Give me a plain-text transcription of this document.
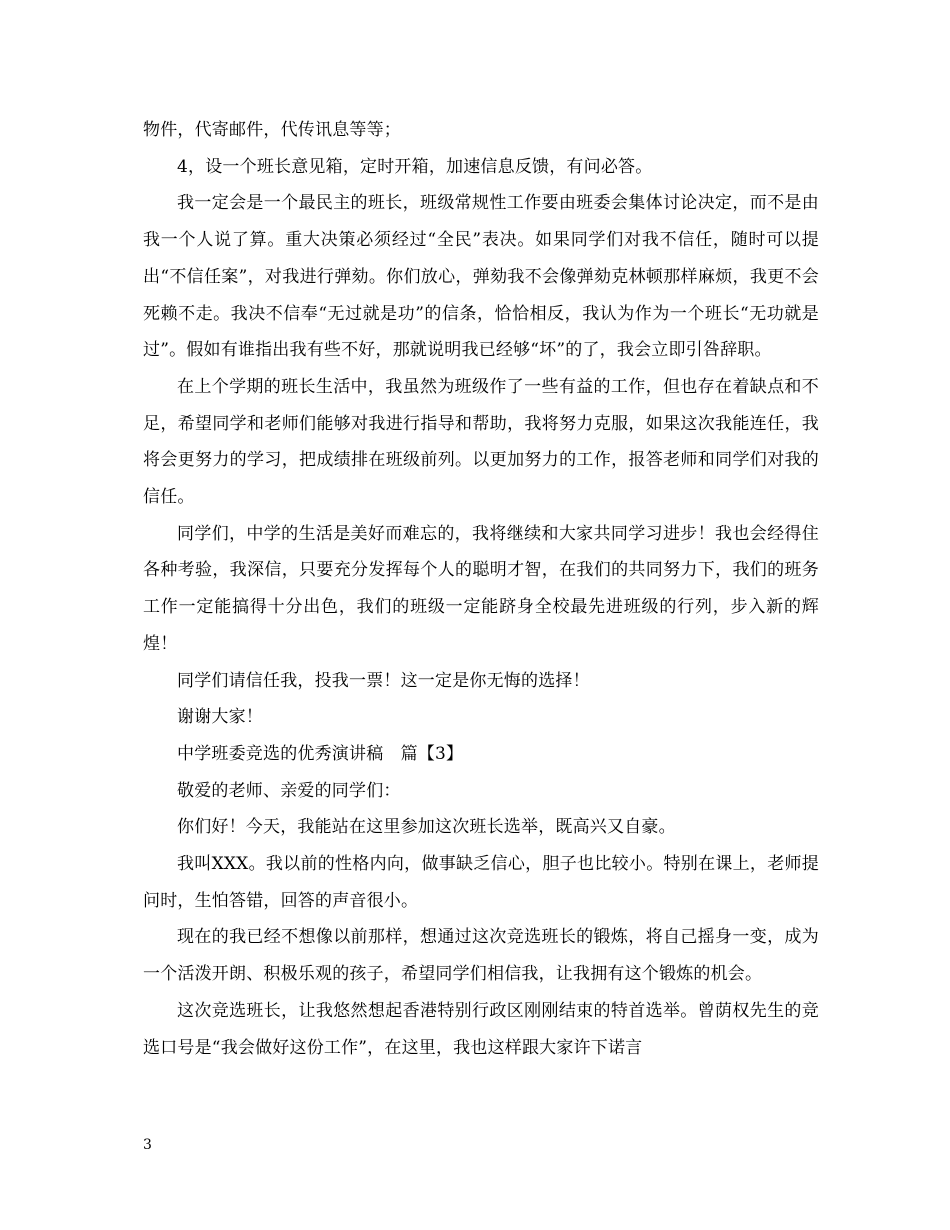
物件，代寄邮件，代传讯息等等；

4，设一个班长意见箱，定时开箱，加速信息反馈，有问必答。

我一定会是一个最民主的班长，班级常规性工作要由班委会集体讨论决定，而不是由我一个人说了算。重大决策必须经过“全民”表决。如果同学们对我不信任，随时可以提出“不信任案”，对我进行弹劾。你们放心，弹劾我不会像弹劾克林顿那样麻烦，我更不会死赖不走。我决不信奉“无过就是功”的信条，恰恰相反，我认为作为一个班长“无功就是过”。假如有谁指出我有些不好，那就说明我已经够“坏”的了，我会立即引咎辞职。

在上个学期的班长生活中，我虽然为班级作了一些有益的工作，但也存在着缺点和不足，希望同学和老师们能够对我进行指导和帮助，我将努力克服，如果这次我能连任，我将会更努力的学习，把成绩排在班级前列。以更加努力的工作，报答老师和同学们对我的信任。

同学们，中学的生活是美好而难忘的，我将继续和大家共同学习进步！我也会经得住各种考验，我深信，只要充分发挥每个人的聪明才智，在我们的共同努力下，我们的班务工作一定能搞得十分出色，我们的班级一定能跻身全校最先进班级的行列，步入新的辉煌！

同学们请信任我，投我一票！这一定是你无悔的选择！

谢谢大家！

中学班委竞选的优秀演讲稿　篇【3】

敬爱的老师、亲爱的同学们：

你们好！今天，我能站在这里参加这次班长选举，既高兴又自豪。

我叫XXX。我以前的性格内向，做事缺乏信心，胆子也比较小。特别在课上，老师提问时，生怕答错，回答的声音很小。

现在的我已经不想像以前那样，想通过这次竞选班长的锻炼，将自己摇身一变，成为一个活泼开朗、积极乐观的孩子，希望同学们相信我，让我拥有这个锻炼的机会。

这次竞选班长，让我悠然想起香港特别行政区刚刚结束的特首选举。曾荫权先生的竞选口号是“我会做好这份工作”，在这里，我也这样跟大家许下诺言

3
